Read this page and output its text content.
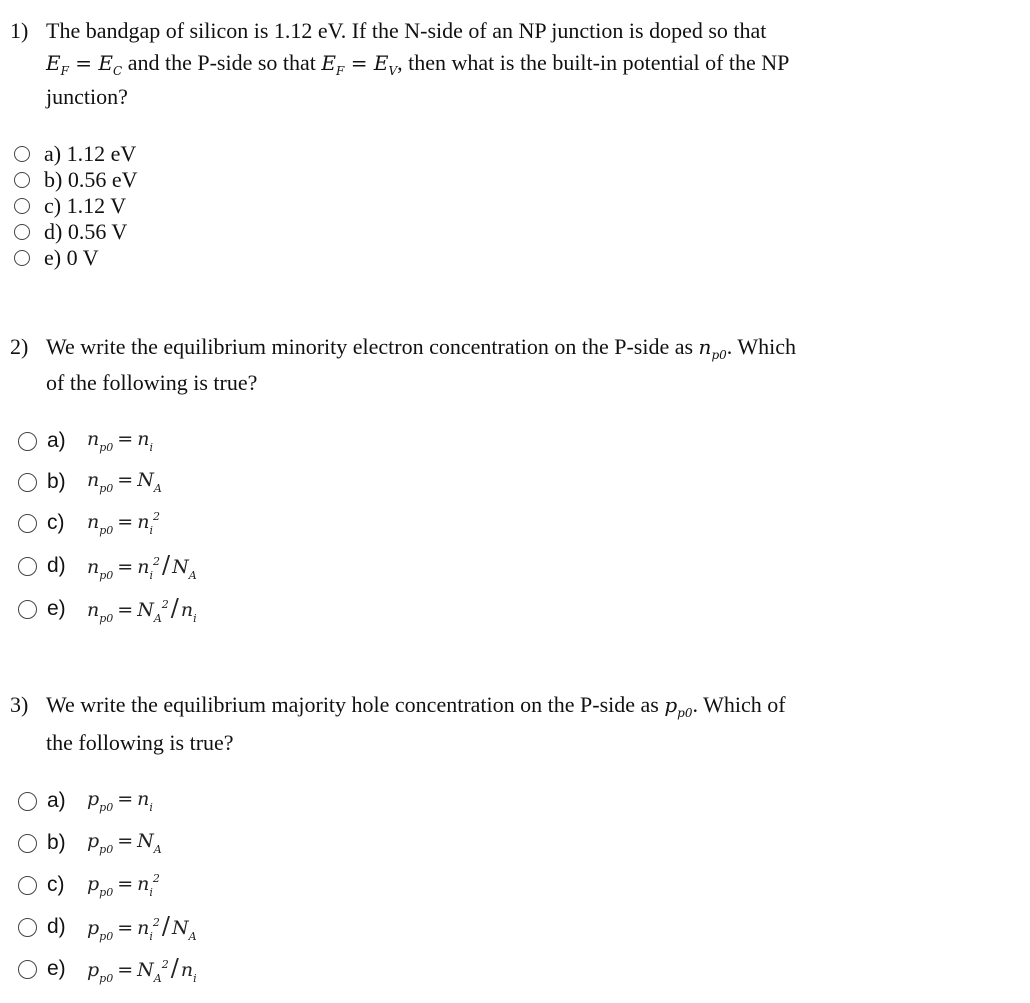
1) The bandgap of silicon is 1.12 eV. If the N-side of an NP junction is doped so that
$E_F = E_C$ and the P-side so that $E_F = E_V$, then what is the built-in potential of the NP
junction?
a) 1.12 eV
b) 0.56 eV
c) 1.12 V
d) 0.56 V
e) 0 V
2) We write the equilibrium minority electron concentration on the P-side as $n_{p0}$. Which
of the following is true?
a)	$n_{p0} = n_i$
b)	$n_{p0} = N_A$
c)	$n_{p0} = n_i^2$
d)	$n_{p0} = n_i^2/$ $N_A$
e)	$n_{p0} = N_A^2/$ $n_i$
3) We write the equilibrium majority hole concentration on the P-side as $p_{p0}$. Which of
the following is true?
a)	$p_{p0} = n_i$
b)	$p_{p0} = N_A$
c)	$p_{p0} = n_i^2$
d)	$p_{p0} = n_i^2/$ $N_A$
e)	$p_{p0} = N_A^2/$ $n_i$
